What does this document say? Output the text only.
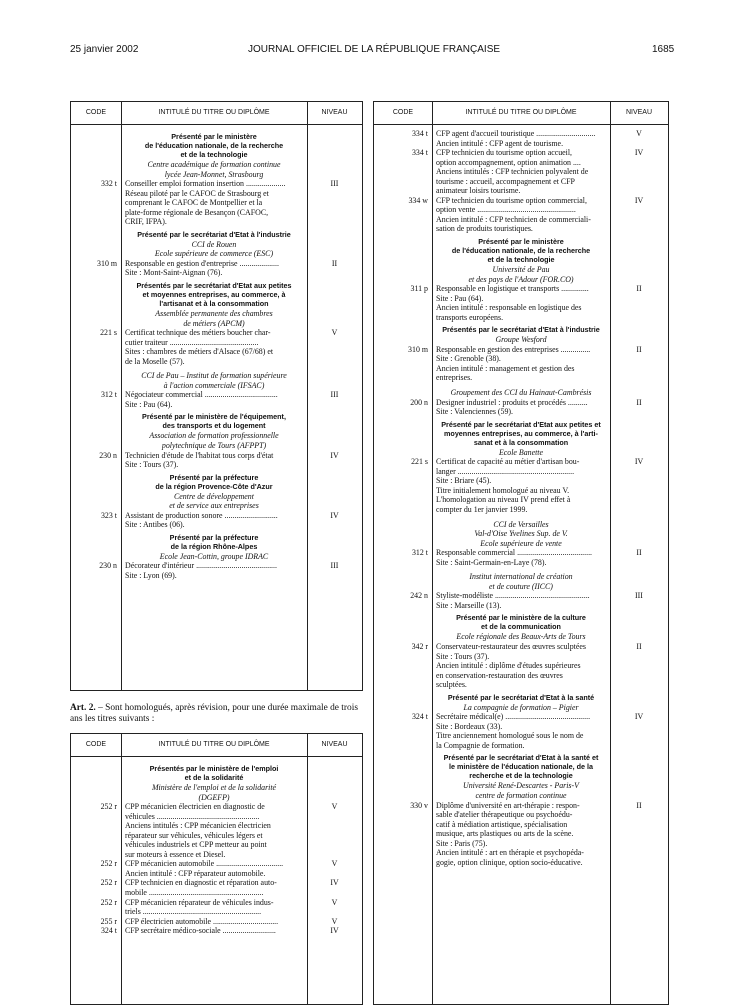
25 janvier 2002	JOURNAL OFFICIEL DE LA RÉPUBLIQUE FRANÇAISE	1685
CODE	INTITULÉ DU TITRE OU DIPLÔME	NIVEAU
Présenté par le ministère
de l'éducation nationale, de la recherche
et de la technologie
Centre académique de formation continue
lycée Jean-Monnet, Strasbourg
332 t Conseiller emploi formation insertion ....................
Réseau piloté par le CAFOC de Strasbourg et
comprenant le CAFOC de Montpellier et la
plate-forme régionale de Besançon (CAFOC,
CRIF, IFPA).
III
Présenté par le secrétariat d'Etat à l'industrie
CCI de Rouen
Ecole supérieure de commerce (ESC)
310 m Responsable en gestion d'entreprise ....................
Site : Mont-Saint-Aignan (76).
II
Présentés par le secrétariat d'Etat aux petites
et moyennes entreprises, au commerce, à
l'artisanat et à la consommation
Assemblée permanente des chambres
de métiers (APCM)
221 s Certificat technique des métiers boucher char-
cutier traiteur .............................................
Sites : chambres de métiers d'Alsace (67/68) et
de la Moselle (57).
V
CCI de Pau – Institut de formation supérieure
à l'action commerciale (IFSAC)
312 t Négociateur commercial .....................................
Site : Pau (64).
III
Présenté par le ministère de l'équipement,
des transports et du logement
Association de formation professionnelle
polytechnique de Tours (AFPPT)
230 n Technicien d'étude de l'habitat tous corps d'état
Site : Tours (37).
IV
Présenté par la préfecture
de la région Provence-Côte d'Azur
Centre de développement
et de service aux entreprises
323 t Assistant de production sonore ...........................
Site : Antibes (06).
IV
Présenté par la préfecture
de la région Rhône-Alpes
Ecole Jean-Cottin, groupe IDRAC
230 n Décorateur d'intérieur .........................................
Site : Lyon (69).
III
Art. 2. – Sont homologués, après révision, pour une durée maximale de trois ans les titres suivants :
CODE	INTITULÉ DU TITRE OU DIPLÔME	NIVEAU
Présentés par le ministère de l'emploi
et de la solidarité
Ministère de l'emploi et de la solidarité
(DGEFP)
252 r CPP mécanicien électricien en diagnostic de
véhicules ....................................................
Anciens intitulés : CPP mécanicien électricien
réparateur sur véhicules, véhicules légers et
véhicules industriels et CPP metteur au point
sur moteurs à essence et Diesel.
V
252 r CFP mécanicien automobile ..................................
Ancien intitulé : CFP réparateur automobile.
V
252 r CFP technicien en diagnostic et réparation auto-
mobile ..........................................................
IV
252 r CFP mécanicien réparateur de véhicules indus-
triels ............................................................
V
255 r CFP électricien automobile .................................	V
324 t CFP secrétaire médico-sociale ...........................	IV
CODE	INTITULÉ DU TITRE OU DIPLÔME	NIVEAU
334 t CFP agent d'accueil touristique ..............................
Ancien intitulé : CFP agent de tourisme.
V
334 t CFP technicien du tourisme option accueil,
option accompagnement, option animation ....
Anciens intitulés : CFP technicien polyvalent de
tourisme : accueil, accompagnement et CFP
animateur loisirs tourisme.
IV
334 w CFP technicien du tourisme option commercial,
option vente ..................................................
Ancien intitulé : CFP technicien de commerciali-
sation de produits touristiques.
IV
Présenté par le ministère
de l'éducation nationale, de la recherche
et de la technologie
Université de Pau
et des pays de l'Adour (FOR.CO)
311 p Responsable en logistique et transports ..............
Site : Pau (64).
Ancien intitulé : responsable en logistique des
transports européens.
II
Présentés par le secrétariat d'Etat à l'industrie
Groupe Wesford
310 m Responsable en gestion des entreprises ...............
Site : Grenoble (38).
Ancien intitulé : management et gestion des
entreprises.
II
Groupement des CCI du Hainaut-Cambrésis
200 n Designer industriel : produits et procédés ..........
Site : Valenciennes (59).
II
Présenté par le secrétariat d'Etat aux petites et
moyennes entreprises, au commerce, à l'arti-
sanat et à la consommation
Ecole Banette
221 s Certificat de capacité au métier d'artisan bou-
langer ...........................................................
Site : Briare (45).
Titre initialement homologué au niveau V.
L'homologation au niveau IV prend effet à
compter du 1er janvier 1999.
IV
CCI de Versailles
Val-d'Oise Yvelines Sup. de V.
Ecole supérieure de vente
312 t Responsable commercial ......................................
Site : Saint-Germain-en-Laye (78).
II
Institut international de création
et de couture (IICC)
242 n Styliste-modéliste ................................................
Site : Marseille (13).
III
Présenté par le ministère de la culture
et de la communication
Ecole régionale des Beaux-Arts de Tours
342 r Conservateur-restaurateur des œuvres sculptées
Site : Tours (37).
Ancien intitulé : diplôme d'études supérieures
en conservation-restauration des œuvres
sculptées.
II
Présenté par le secrétariat d'Etat à la santé
La compagnie de formation – Pigier
324 t Secrétaire médical(e) ...........................................
Site : Bordeaux (33).
Titre anciennement homologué sous le nom de
la Compagnie de formation.
IV
Présenté par le secrétariat d'Etat à la santé et
le ministère de l'éducation nationale, de la
recherche et de la technologie
Université René-Descartes - Paris-V
centre de formation continue
330 v Diplôme d'université en art-thérapie : respon-
sable d'atelier thérapeutique ou psychoédu-
catif à médiation artistique, spécialisation
musique, arts plastiques ou arts de la scène.
Site : Paris (75).
Ancien intitulé : art en thérapie et psychopéda-
gogie, option clinique, option socio-éducative.
II
